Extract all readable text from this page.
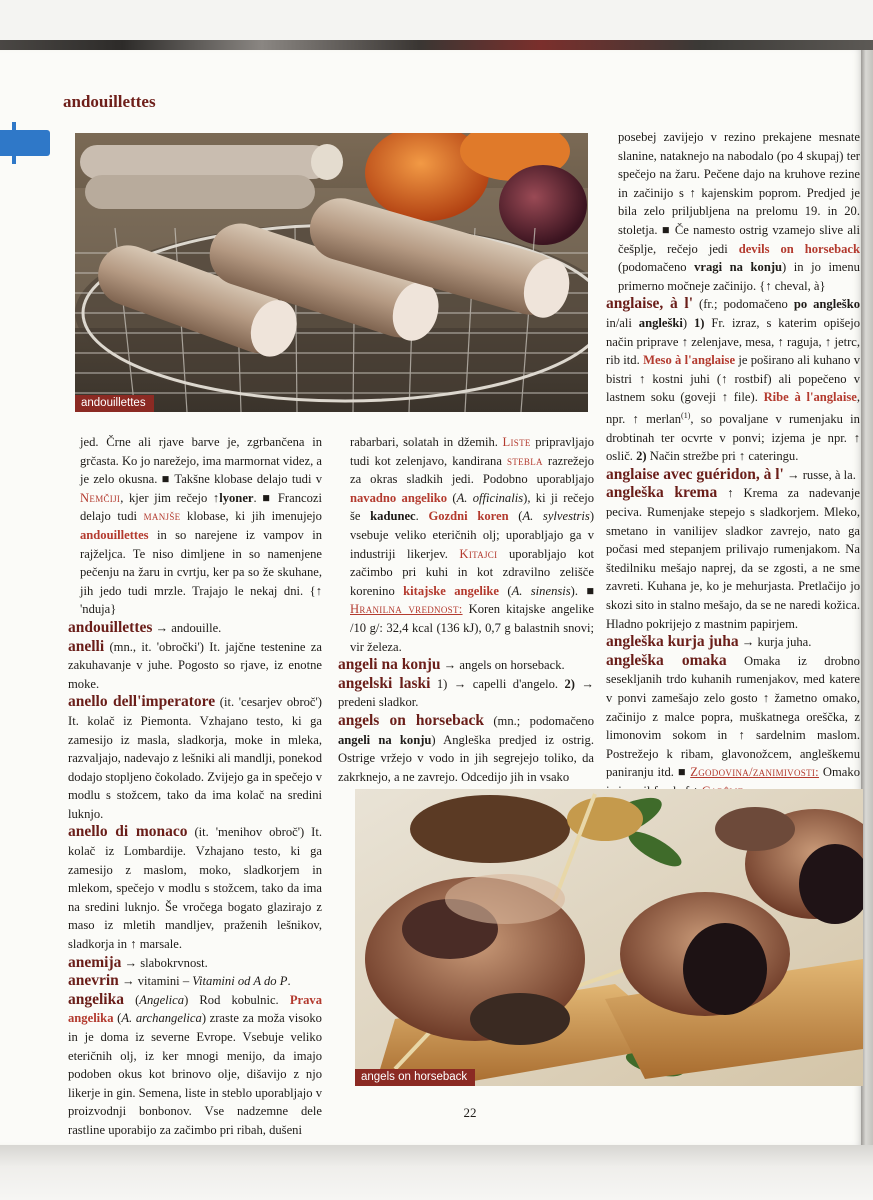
andouillettes
andouillettes

jed. Črne ali rjave barve je, zgrbančena in grčasta. Ko jo narežejo, ima marmornat videz, a je zelo okusna. ■ Takšne klobase delajo tudi v Nemčiji, kjer jim rečejo ↑lyoner. ■ Francozi delajo tudi manjše klobase, ki jih imenujejo andouillettes in so narejene iz vampov in rajželjca. Te niso dimljene in so namenjene pečenju na žaru in cvrtju, ker pa so že skuhane, jih jedo tudi mrzle. Trajajo le nekaj dni. {↑ 'nduja}

andouillettes → andouille.

anelli (mn., it. 'obročki') It. jajčne testenine za zakuhavanje v juhe. Pogosto so rjave, iz enotne moke.

anello dell'imperatore (it. 'cesarjev obroč') It. kolač iz Piemonta. Vzhajano testo, ki ga zamesijo iz masla, sladkorja, moke in mleka, razvaljajo, nadevajo z lešniki ali mandlji, ponekod dodajo stopljeno čokolado. Zvijejo ga in spečejo v modlu s stožcem, tako da ima kolač na sredini luknjo.

anello di monaco (it. 'menihov obroč') It. kolač iz Lombardije. Vzhajano testo, ki ga zamesijo z maslom, moko, sladkorjem in mlekom, spečejo v modlu s stožcem, tako da ima na sredini luknjo. Še vročega bogato glazirajo z maso iz mletih mandljev, praženih lešnikov, sladkorja in ↑ marsale.

anemija → slabokrvnost.

anevrin → vitamini – Vitamini od A do P.

angelika (Angelica) Rod kobulnic. Prava angelika (A. archangelica) zraste za moža visoko in je doma iz severne Evrope. Vsebuje veliko eteričnih olj, iz ker mnogi menijo, da imajo podoben okus kot brinovo olje, dišavijo z njo likerje in gin. Semena, liste in steblo uporabljajo v proizvodnji bonbonov. Vse nadzemne dele rastline uporabijo za začimbo pri ribah, dušeni

rabarbari, solatah in džemih. Liste pripravljajo tudi kot zelenjavo, kandirana stebla razrežejo za okras sladkih jedi. Podobno uporabljajo navadno angeliko (A. officinalis), ki ji rečejo še kadunec. Gozdni koren (A. sylvestris) vsebuje veliko eteričnih olj; uporabljajo ga v industriji likerjev. Kitajci uporabljajo kot začimbo pri kuhi in kot zdravilno zelišče korenino kitajske angelike (A. sinensis). ■ Hranilna vrednost: Koren kitajske angelike /10 g/: 32,4 kcal (136 kJ), 0,7 g balastnih snovi; vir železa.

angeli na konju → angels on horseback.

angelski laski 1) → capelli d'angelo. 2) → predeni sladkor.

angels on horseback (mn.; podomačeno angeli na konju) Angleška predjed iz ostrig. Ostrige vržejo v vodo in jih segrejejo toliko, da zakrknejo, a ne zavrejo. Odcedijo jih in vsako

posebej zavijejo v rezino prekajene mesnate slanine, nataknejo na nabodalo (po 4 skupaj) ter spečejo na žaru. Pečene dajo na kruhove rezine in začinijo s ↑ kajenskim poprom. Predjed je bila zelo priljubljena na prelomu 19. in 20. stoletja. ■ Če namesto ostrig vzamejo slive ali češplje, rečejo jedi devils on horseback (podomačeno vragi na konju) in jo imenu primerno močneje začinijo. {↑ cheval, à}

anglaise, à l' (fr.; podomačeno po angleško in/ali angleški) 1) Fr. izraz, s katerim opišejo način priprave ↑ zelenjave, mesa, ↑ raguja, ↑ jetrc, rib itd. Meso à l'anglaise je poširano ali kuhano v bistri ↑ kostni juhi (↑ rostbif) ali popečeno v lastnem soku (goveji ↑ file). Ribe à l'anglaise, npr. ↑ merlan$^{(1)}$, so povaljane v rumenjaku in drobtinah ter ocvrte v ponvi; izjema je npr. ↑ oslič. 2) Način strežbe pri ↑ cateringu.

anglaise avec guéridon, à l' → russe, à la.

angleška krema ↑ Krema za nadevanje peciva. Rumenjake stepejo s sladkorjem. Mleko, smetano in vanilijev sladkor zavrejo, nato ga počasi med stepanjem prilivajo rumenjakom. Na štedilniku mešajo naprej, da se zgosti, a ne sme zavreti. Kuhana je, ko je mehurjasta. Pretlačijo jo skozi sito in stalno mešajo, da se ne naredi kožica. Hladno pokrijejo z mastnim papirjem.

angleška kurja juha → kurja juha.

angleška omaka Omaka iz drobno sesekljanih trdo kuhanih rumenjakov, med katere v ponvi zamešajo zelo gosto ↑ žametno omako, začinijo z malce popra, muškatnega oreščka, z limonovim sokom in ↑ sardelnim maslom. Postrežejo k ribam, glavonožcem, angleškemu paniranju itd. ■ Zgodovina/zanimivosti: Omako

angels on horseback
22
